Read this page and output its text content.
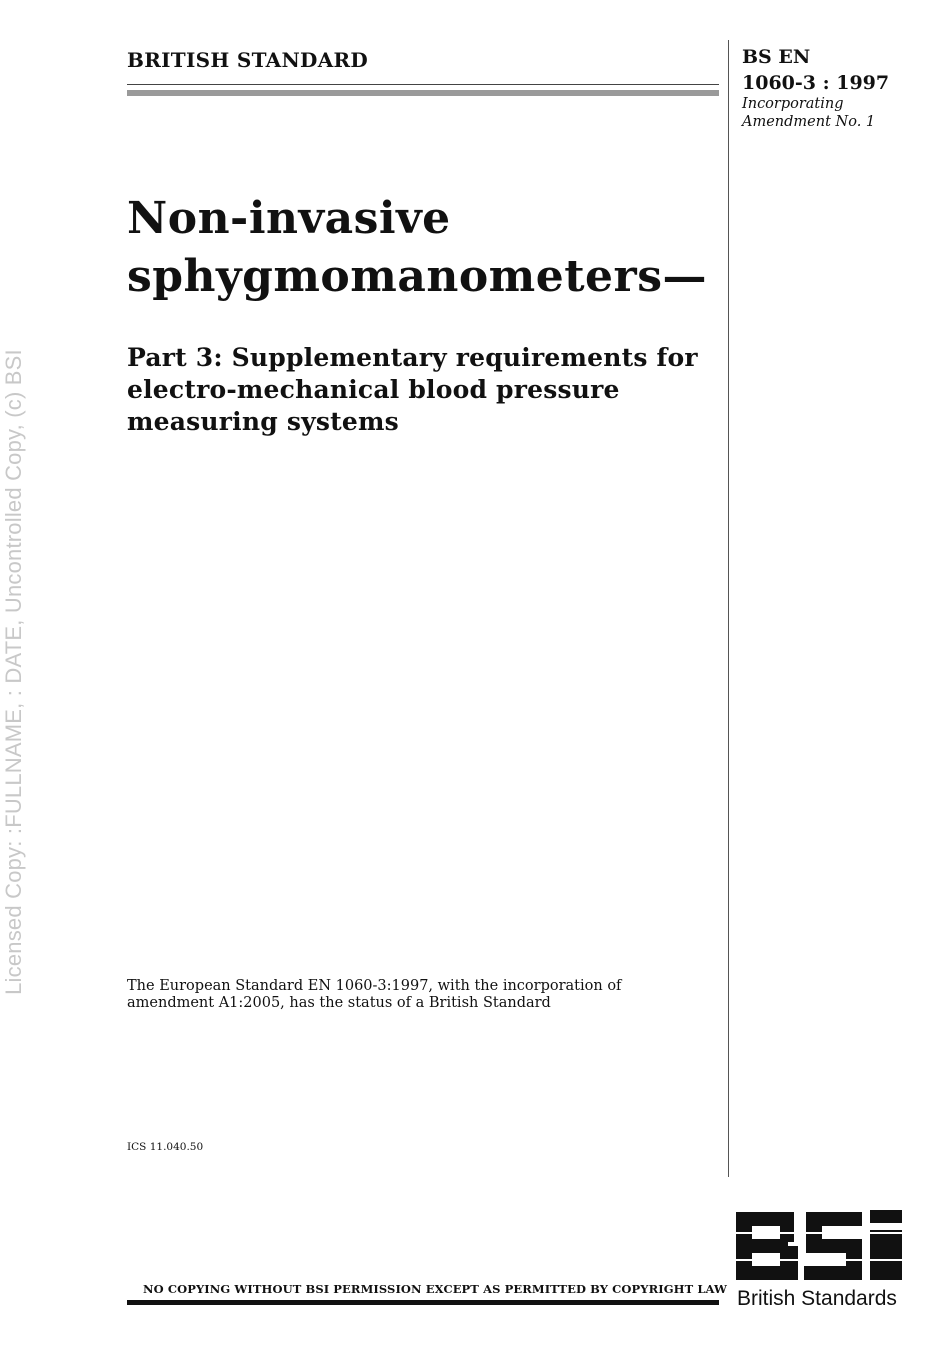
Licensed Copy: :FULLNAME, : DATE, Uncontrolled Copy, (c) BSI
BRITISH STANDARD	BS EN
1060-3 : 1997
Incorporating
Amendment No. 1
Non-invasive
sphygmomanometers—
Part 3: Supplementary requirements for
electro-mechanical blood pressure
measuring systems
The European Standard EN 1060-3:1997, with the incorporation of
amendment A1:2005, has the status of a British Standard
ICS 11.040.50
British Standards
NO COPYING WITHOUT BSI PERMISSION EXCEPT AS PERMITTED BY COPYRIGHT LAW
